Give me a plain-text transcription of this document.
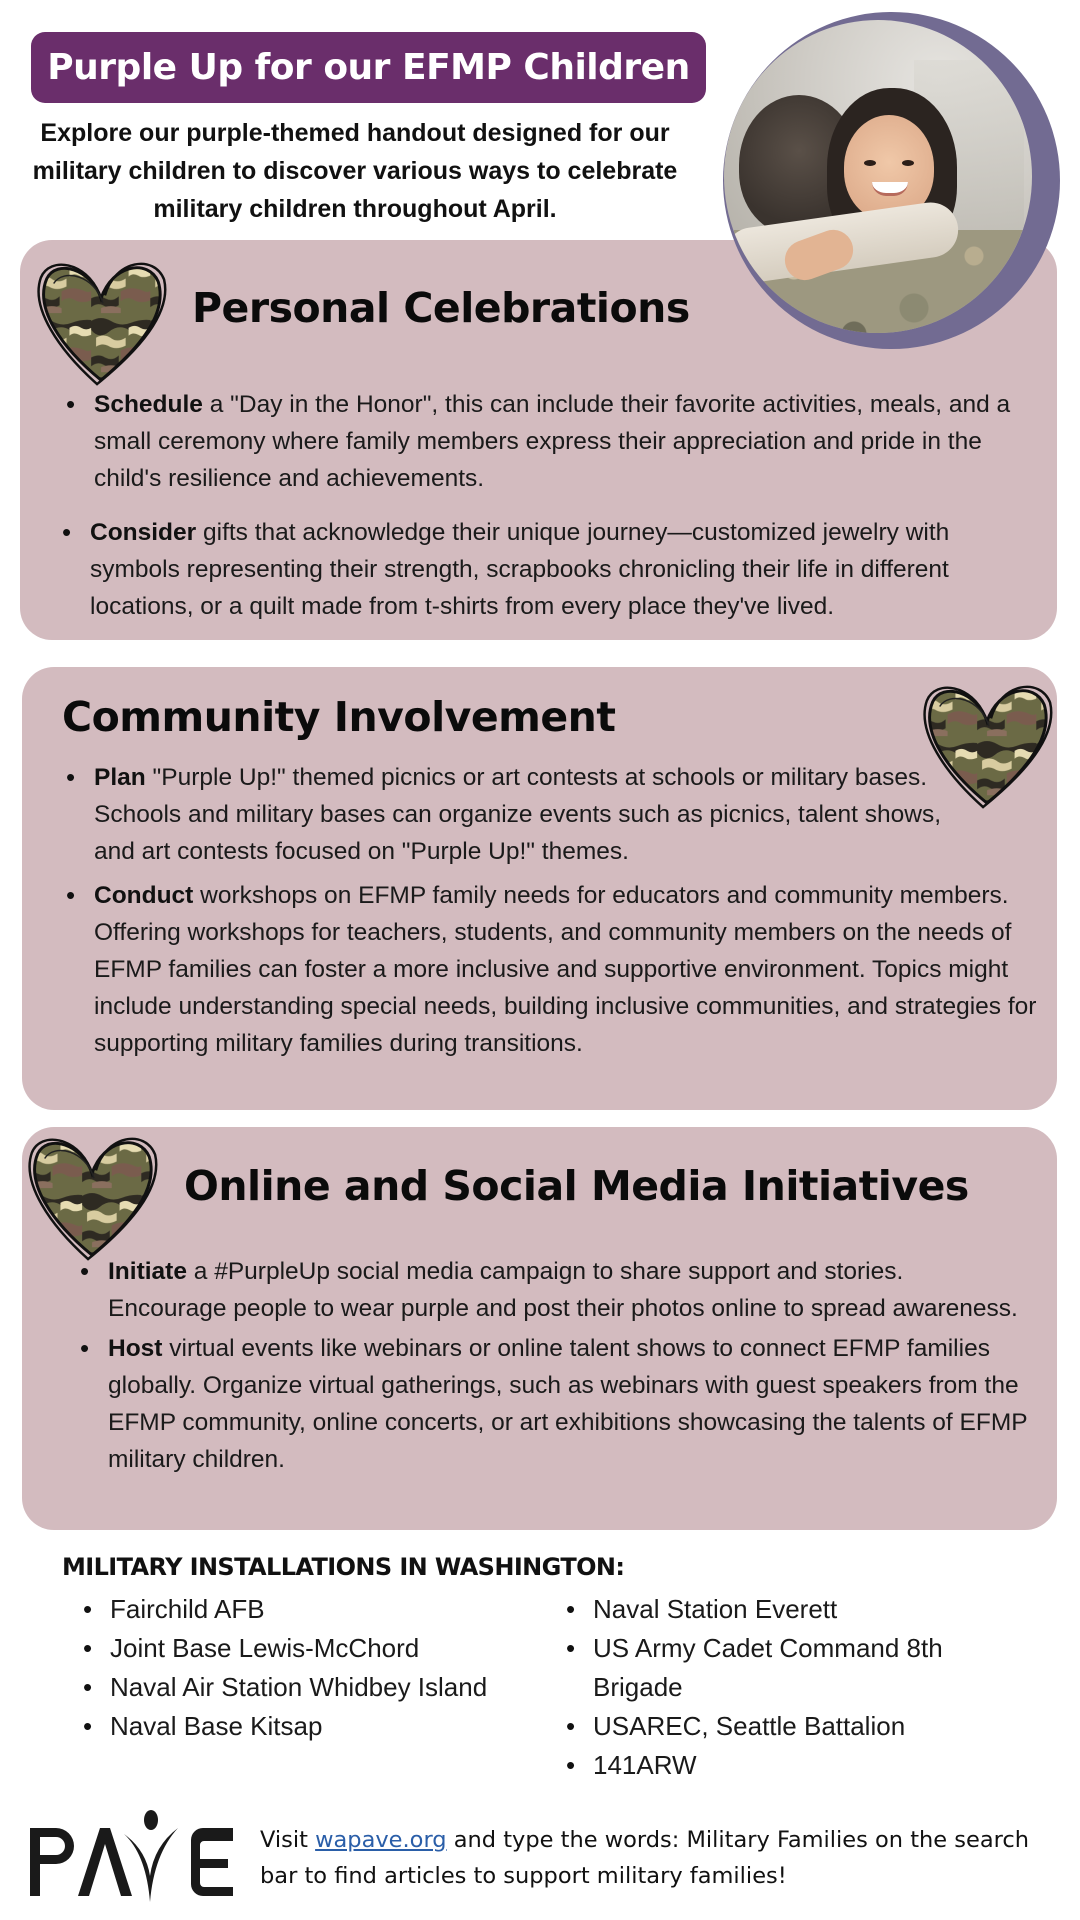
Purple Up for our EFMP Children
Explore our purple-themed handout designed for our military children to discover various ways to celebrate military children throughout April.
Personal Celebrations
• Schedule a "Day in the Honor", this can include their favorite activities, meals, and a small ceremony where family members express their appreciation and pride in the child's resilience and achievements.
• Consider gifts that acknowledge their unique journey—customized jewelry with symbols representing their strength, scrapbooks chronicling their life in different locations, or a quilt made from t-shirts from every place they've lived.
Community Involvement
• Plan "Purple Up!" themed picnics or art contests at schools or military bases. Schools and military bases can organize events such as picnics, talent shows, and art contests focused on "Purple Up!" themes.
• Conduct workshops on EFMP family needs for educators and community members. Offering workshops for teachers, students, and community members on the needs of EFMP families can foster a more inclusive and supportive environment. Topics might include understanding special needs, building inclusive communities, and strategies for supporting military families during transitions.
Online and Social Media Initiatives
• Initiate a #PurpleUp social media campaign to share support and stories. Encourage people to wear purple and post their photos online to spread awareness.
• Host virtual events like webinars or online talent shows to connect EFMP families globally. Organize virtual gatherings, such as webinars with guest speakers from the EFMP community, online concerts, or art exhibitions showcasing the talents of EFMP military children.
MILITARY INSTALLATIONS IN WASHINGTON:
• Fairchild AFB
• Joint Base Lewis-McChord
• Naval Air Station Whidbey Island
• Naval Base Kitsap
• Naval Station Everett
• US Army Cadet Command 8th Brigade
• USAREC, Seattle Battalion
• 141ARW
Visit wapave.org and type the words: Military Families on the search bar to find articles to support military families!
